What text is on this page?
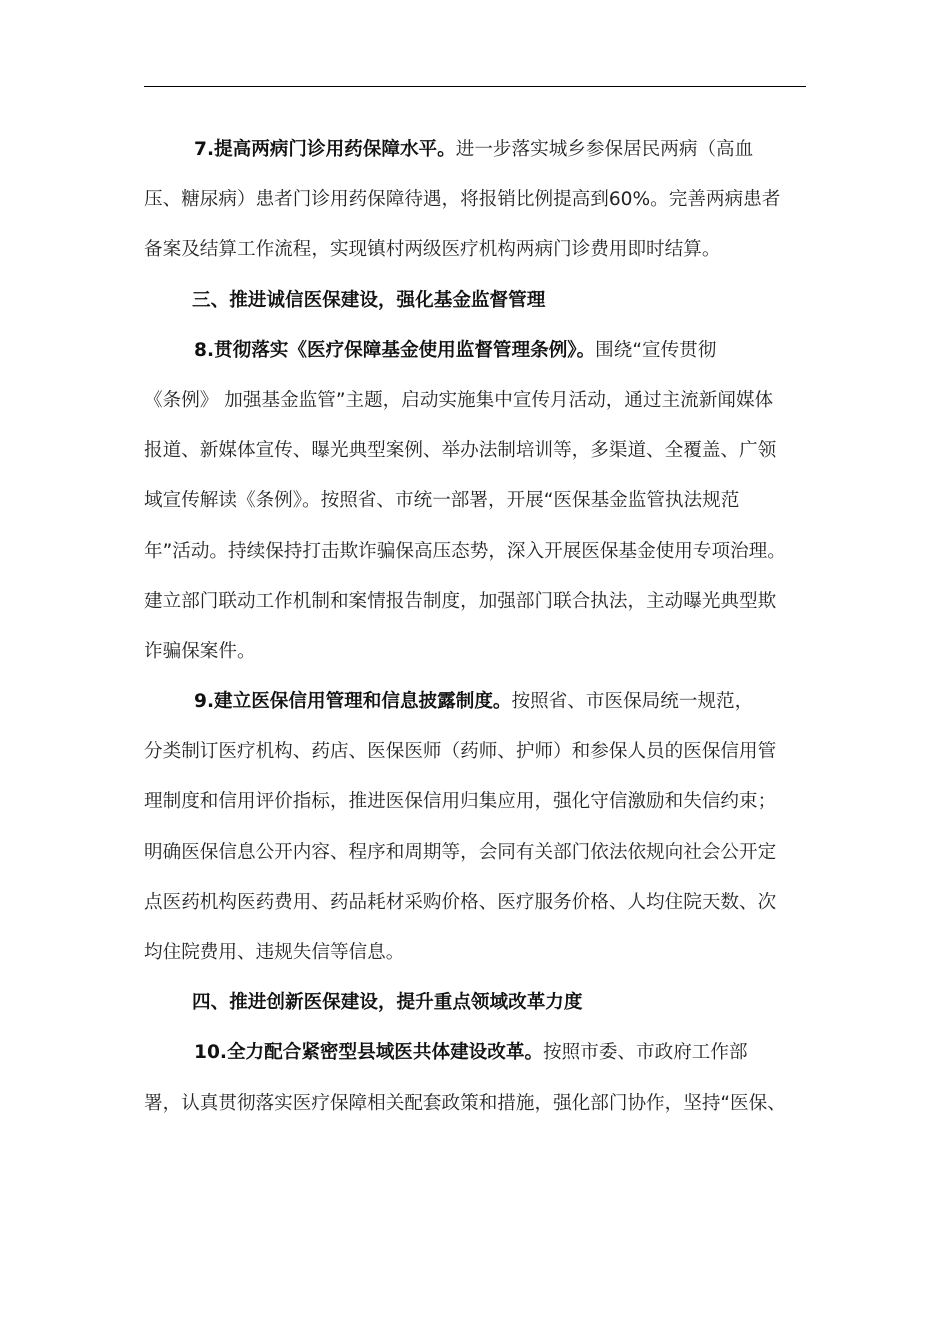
7.提高两病门诊用药保障水平。进一步落实城乡参保居民两病（高血
压、糖尿病）患者门诊用药保障待遇，将报销比例提高到60%。完善两病患者
备案及结算工作流程，实现镇村两级医疗机构两病门诊费用即时结算。
三、推进诚信医保建设，强化基金监督管理
8.贯彻落实《医疗保障基金使用监督管理条例》。围绕“宣传贯彻
《条例》 加强基金监管”主题，启动实施集中宣传月活动，通过主流新闻媒体
报道、新媒体宣传、曝光典型案例、举办法制培训等，多渠道、全覆盖、广领
域宣传解读《条例》。按照省、市统一部署，开展“医保基金监管执法规范
年”活动。持续保持打击欺诈骗保高压态势，深入开展医保基金使用专项治理。
建立部门联动工作机制和案情报告制度，加强部门联合执法，主动曝光典型欺
诈骗保案件。
9.建立医保信用管理和信息披露制度。按照省、市医保局统一规范，
分类制订医疗机构、药店、医保医师（药师、护师）和参保人员的医保信用管
理制度和信用评价指标，推进医保信用归集应用，强化守信激励和失信约束；
明确医保信息公开内容、程序和周期等，会同有关部门依法依规向社会公开定
点医药机构医药费用、药品耗材采购价格、医疗服务价格、人均住院天数、次
均住院费用、违规失信等信息。
四、推进创新医保建设，提升重点领域改革力度
10.全力配合紧密型县域医共体建设改革。按照市委、市政府工作部
署，认真贯彻落实医疗保障相关配套政策和措施，强化部门协作，坚持“医保、
